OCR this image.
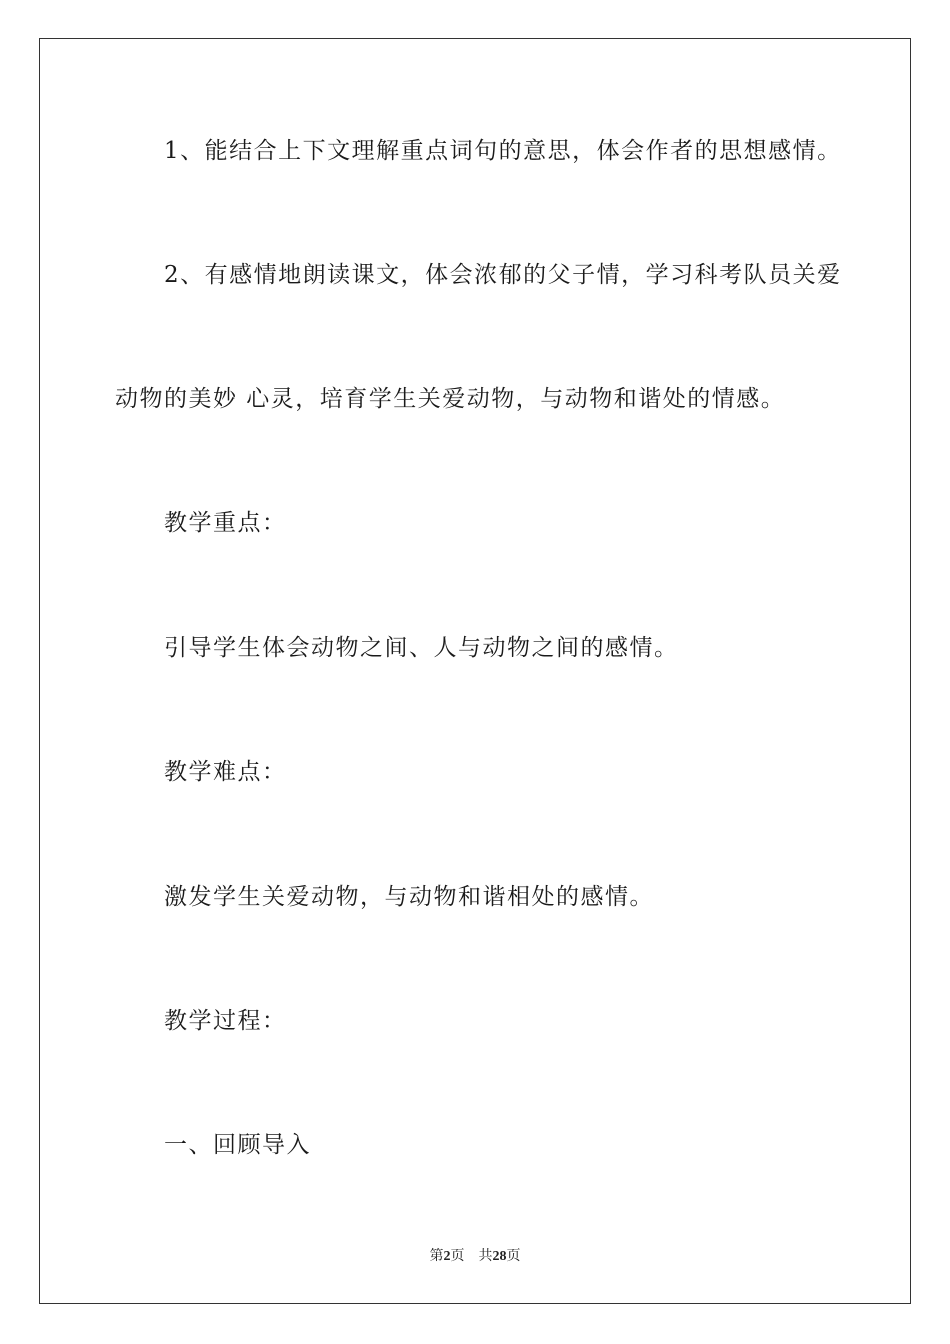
1、能结合上下文理解重点词句的意思，体会作者的思想感情。
2、有感情地朗读课文，体会浓郁的父子情，学习科考队员关爱
动物的美妙 心灵，培育学生关爱动物，与动物和谐处的情感。
教学重点：
引导学生体会动物之间、人与动物之间的感情。
教学难点：
激发学生关爱动物，与动物和谐相处的感情。
教学过程：
一、回顾导入
第2页 共28页
